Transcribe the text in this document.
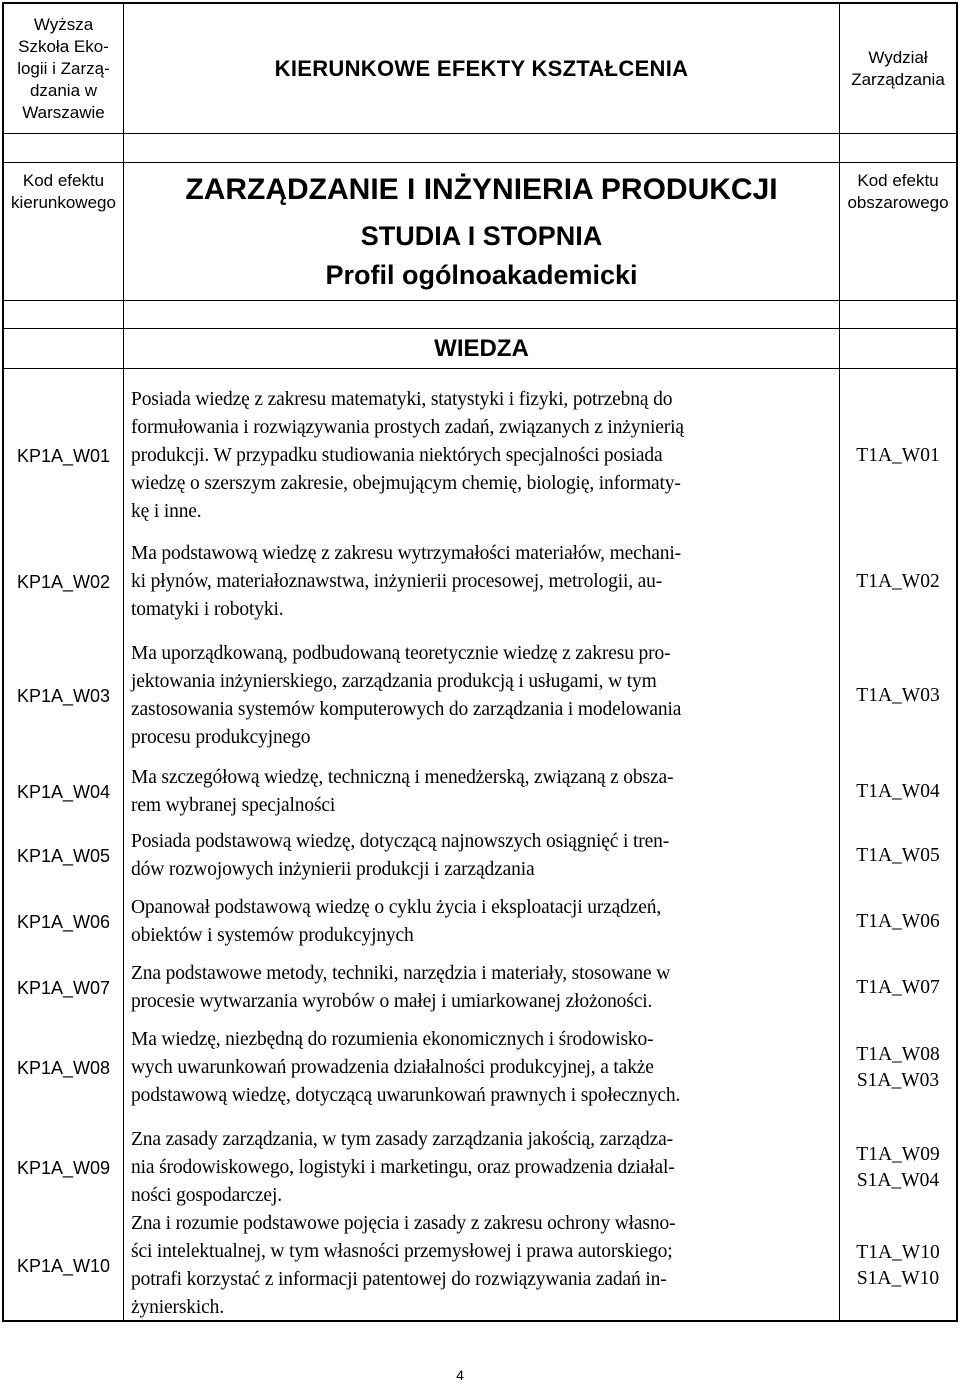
Wyższa
Szkoła Eko-
logii i Zarzą-
dzania w
Warszawie
KIERUNKOWE EFEKTY KSZTAŁCENIA	Wydział
Zarządzania
Kod efektu
kierunkowego
Kod efektu
obszarowego
ZARZĄDZANIE I INŻYNIERIA PRODUKCJI
STUDIA I STOPNIA
Profil ogólnoakademicki
WIEDZA
KP1A_W01
Posiada wiedzę z zakresu matematyki, statystyki i fizyki, potrzebną do
formułowania i rozwiązywania prostych zadań, związanych z inżynierią
produkcji. W przypadku studiowania niektórych specjalności posiada
wiedzę o szerszym zakresie, obejmującym chemię, biologię, informaty-
kę i inne.
T1A_W01
KP1A_W02
Ma podstawową wiedzę z zakresu wytrzymałości materiałów, mechani-
ki płynów, materiałoznawstwa, inżynierii procesowej, metrologii, au-
tomatyki i robotyki.
T1A_W02
KP1A_W03
Ma uporządkowaną, podbudowaną teoretycznie wiedzę z zakresu pro-
jektowania inżynierskiego, zarządzania produkcją i usługami, w tym
zastosowania systemów komputerowych do zarządzania i modelowania
procesu produkcyjnego
T1A_W03
KP1A_W04
Ma szczegółową wiedzę, techniczną i menedżerską, związaną z obsza-
rem wybranej specjalności
T1A_W04
KP1A_W05
Posiada podstawową wiedzę, dotyczącą najnowszych osiągnięć i tren-
dów rozwojowych inżynierii produkcji i zarządzania
T1A_W05
KP1A_W06
Opanował podstawową wiedzę o cyklu życia i eksploatacji urządzeń,
obiektów i systemów produkcyjnych
T1A_W06
KP1A_W07
Zna podstawowe metody, techniki, narzędzia i materiały, stosowane w
procesie wytwarzania wyrobów o małej i umiarkowanej złożoności.
T1A_W07
KP1A_W08
Ma wiedzę, niezbędną do rozumienia ekonomicznych i środowisko-
wych uwarunkowań prowadzenia działalności produkcyjnej, a także
podstawową wiedzę, dotyczącą uwarunkowań prawnych i społecznych.
T1A_W08
S1A_W03
KP1A_W09
Zna zasady zarządzania, w tym zasady zarządzania jakością, zarządza-
nia środowiskowego, logistyki i marketingu, oraz prowadzenia działal-
ności gospodarczej.
T1A_W09
S1A_W04
KP1A_W10
Zna i rozumie podstawowe pojęcia i zasady z zakresu ochrony własno-
ści intelektualnej, w tym własności przemysłowej i prawa autorskiego;
potrafi korzystać z informacji patentowej do rozwiązywania zadań in-
żynierskich.
T1A_W10
S1A_W10
4
